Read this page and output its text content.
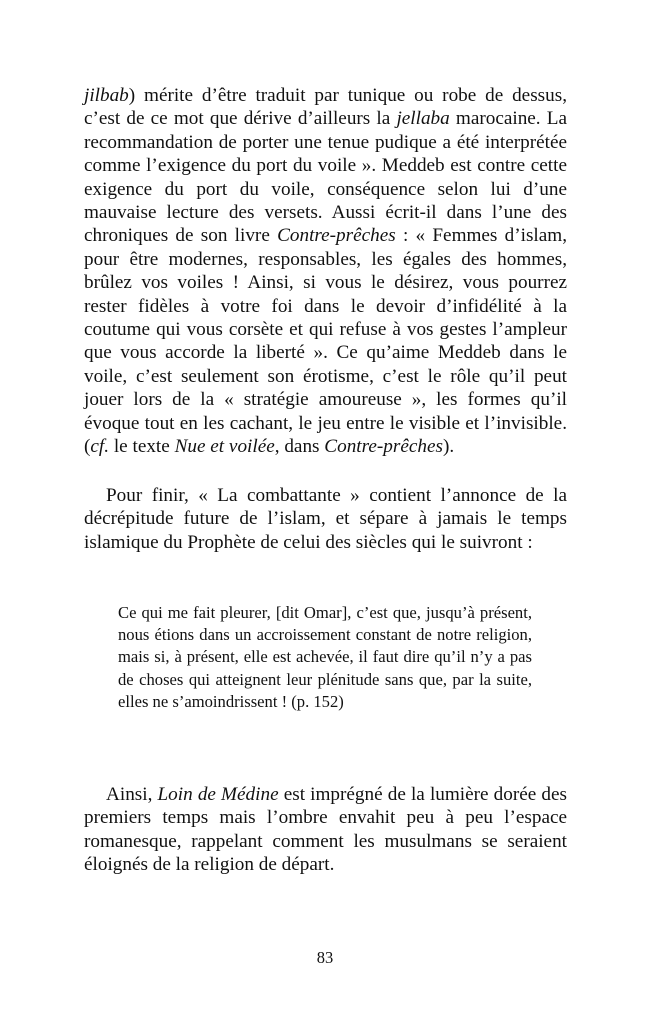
jilbab) mérite d’être traduit par tunique ou robe de dessus, c’est de ce mot que dérive d’ailleurs la jellaba marocaine. La recommandation de porter une tenue pudique a été interprétée comme l’exigence du port du voile ». Meddeb est contre cette exigence du port du voile, conséquence selon lui d’une mauvaise lecture des versets. Aussi écrit-il dans l’une des chroniques de son livre Contre-prêches : « Femmes d’islam, pour être modernes, responsables, les égales des hommes, brûlez vos voiles ! Ainsi, si vous le désirez, vous pourrez rester fidèles à votre foi dans le devoir d’infidélité à la coutume qui vous corsète et qui refuse à vos gestes l’ampleur que vous accorde la liberté ». Ce qu’aime Meddeb dans le voile, c’est seulement son érotisme, c’est le rôle qu’il peut jouer lors de la « stratégie amoureuse », les formes qu’il évoque tout en les cachant, le jeu entre le visible et l’invisible. (cf. le texte Nue et voilée, dans Contre-prêches).

Pour finir, « La combattante » contient l’annonce de la décrépitude future de l’islam, et sépare à jamais le temps islamique du Prophète de celui des siècles qui le suivront :

Ce qui me fait pleurer, [dit Omar], c’est que, jusqu’à présent, nous étions dans un accroissement constant de notre religion, mais si, à présent, elle est achevée, il faut dire qu’il n’y a pas de choses qui atteignent leur plénitude sans que, par la suite, elles ne s’amoindrissent ! (p. 152)

Ainsi, Loin de Médine est imprégné de la lumière dorée des premiers temps mais l’ombre envahit peu à peu l’espace romanesque, rappelant comment les musulmans se seraient éloignés de la religion de départ.

83
